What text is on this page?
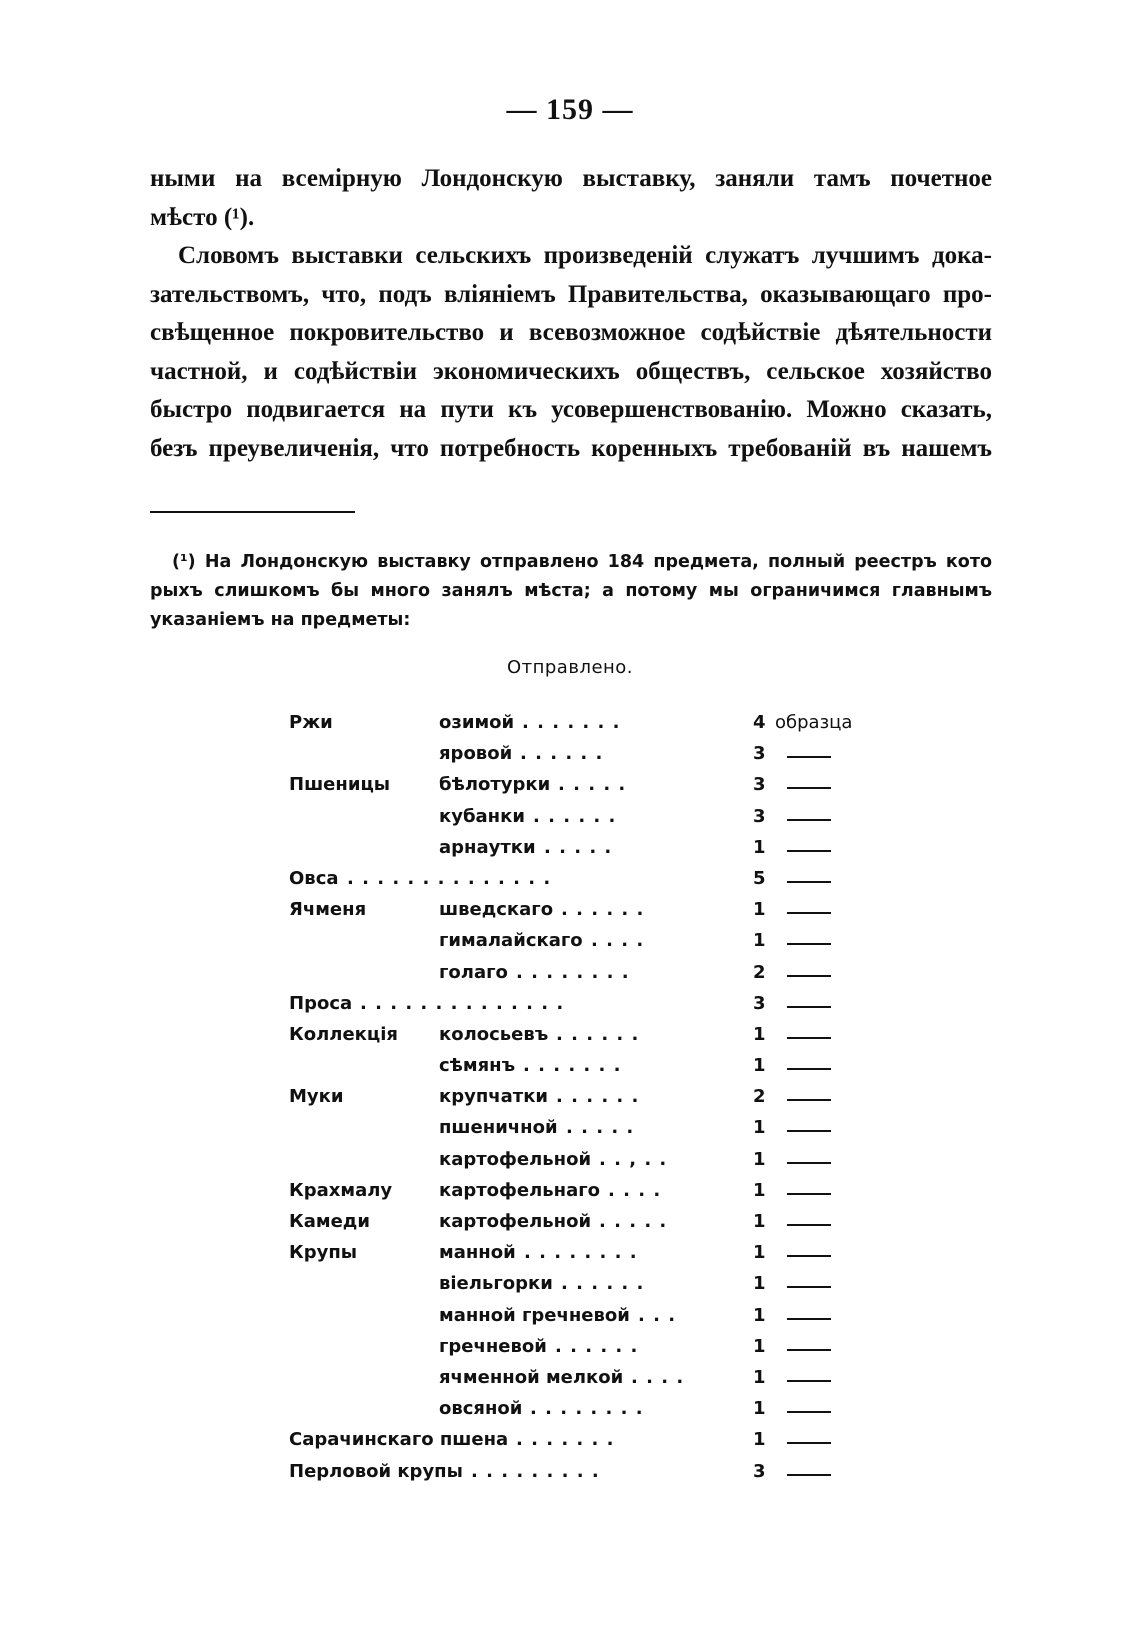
— 159 —
ными на всемірную Лондонскую выставку, заняли тамъ почетное
мѣсто (¹).
Словомъ выставки сельскихъ произведеній служатъ лучшимъ дока-
зательствомъ, что, подъ вліяніемъ Правительства, оказывающаго про-
свѣщенное покровительство и всевозможное содѣйствіе дѣятельности
частной, и содѣйствіи экономическихъ обществъ, сельское хозяйство
быстро подвигается на пути къ усовершенствованію. Можно сказать,
безъ преувеличенія, что потребность коренныхъ требованій въ нашемъ

(¹) На Лондонскую выставку отправлено 184 предмета, полный реестръ кото рыхъ слишкомъ бы много занялъ мѣста; а потому мы ограничимся главнымъ указаніемъ на предметы:

Отправлено.
Ржи	озимой . . . . . . .	4 образца
яровой . . . . . .	3
Пшеницы	бѣлотурки . . . . .	3
кубанки . . . . . .	3
арнаутки . . . . .	1
Овса . . . . . . . . . . . . . .	5
Ячменя	шведскаго . . . . . .	1
гималайскаго . . . .	1
голаго . . . . . . . .	2
Проса . . . . . . . . . . . . . .	3
Коллекція колосьевъ . . . . . .	1
сѣмянъ . . . . . . .	1
Муки	крупчатки . . . . . .	2
пшеничной . . . . .	1
картофельной . . , . .	1
Крахмалу	картофельнаго . . . .	1
Камеди	картофельной . . . . .	1
Крупы	манной . . . . . . . .	1
віельгорки . . . . . .	1
манной гречневой . . .	1
гречневой . . . . . .	1
ячменной мелкой . . . .	1
овсяной . . . . . . . .	1
Сарачинскаго пшена . . . . . . .	1
Перловой крупы . . . . . . . . .	3
